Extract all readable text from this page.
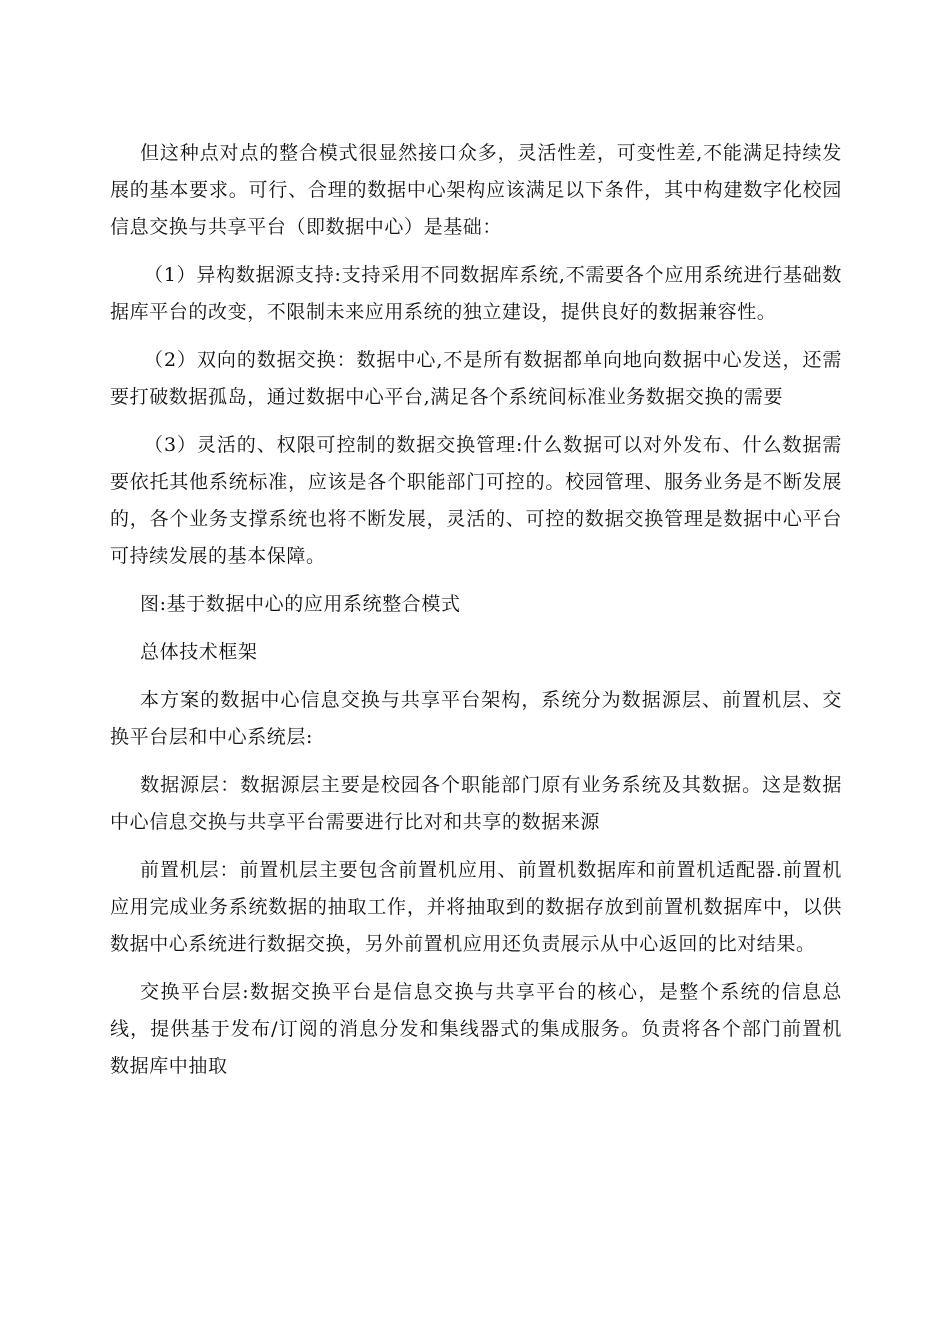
但这种点对点的整合模式很显然接口众多，灵活性差，可变性差,不能满足持续发展的基本要求。可行、合理的数据中心架构应该满足以下条件，其中构建数字化校园信息交换与共享平台（即数据中心）是基础：

（1）异构数据源支持:支持采用不同数据库系统,不需要各个应用系统进行基础数据库平台的改变，不限制未来应用系统的独立建设，提供良好的数据兼容性。

（2）双向的数据交换：数据中心,不是所有数据都单向地向数据中心发送，还需要打破数据孤岛，通过数据中心平台,满足各个系统间标准业务数据交换的需要

（3）灵活的、权限可控制的数据交换管理:什么数据可以对外发布、什么数据需要依托其他系统标准，应该是各个职能部门可控的。校园管理、服务业务是不断发展的，各个业务支撑系统也将不断发展，灵活的、可控的数据交换管理是数据中心平台可持续发展的基本保障。

图:基于数据中心的应用系统整合模式

总体技术框架

本方案的数据中心信息交换与共享平台架构，系统分为数据源层、前置机层、交换平台层和中心系统层:

数据源层：数据源层主要是校园各个职能部门原有业务系统及其数据。这是数据中心信息交换与共享平台需要进行比对和共享的数据来源

前置机层：前置机层主要包含前置机应用、前置机数据库和前置机适配器.前置机应用完成业务系统数据的抽取工作，并将抽取到的数据存放到前置机数据库中，以供数据中心系统进行数据交换，另外前置机应用还负责展示从中心返回的比对结果。

交换平台层:数据交换平台是信息交换与共享平台的核心，是整个系统的信息总线，提供基于发布/订阅的消息分发和集线器式的集成服务。负责将各个部门前置机数据库中抽取
